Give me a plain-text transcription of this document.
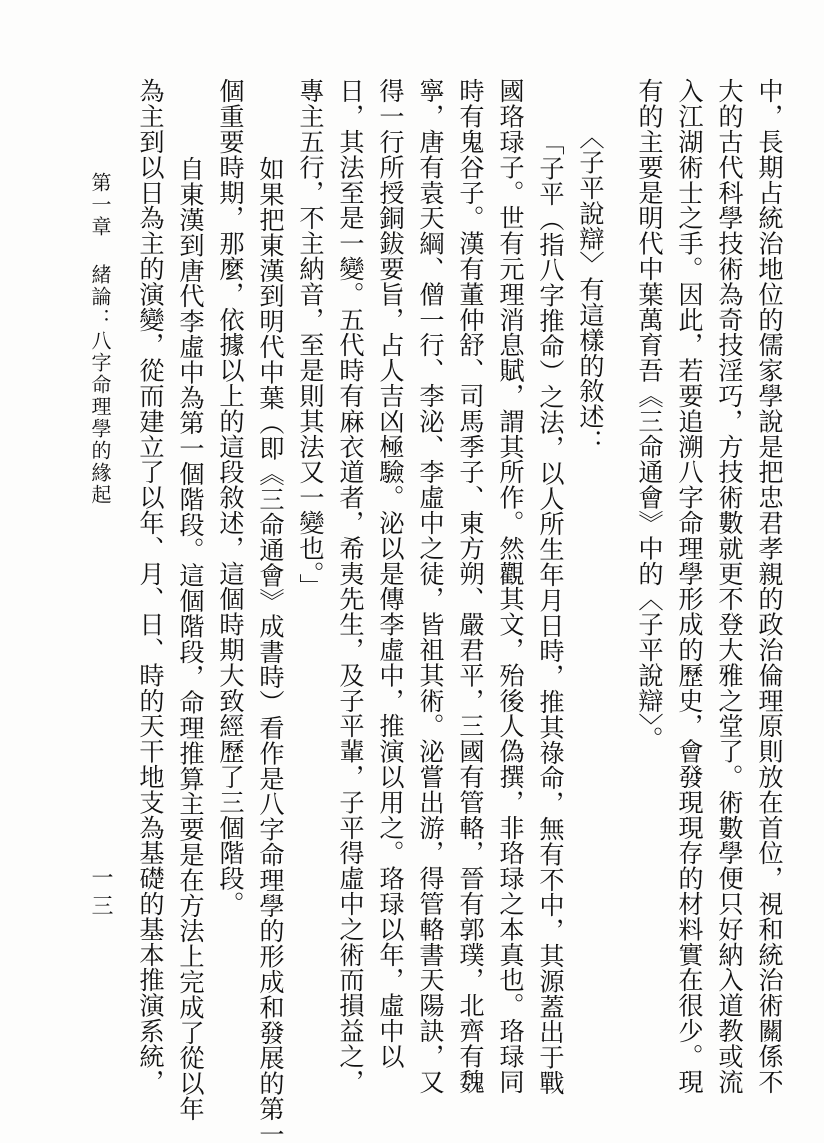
中，長期占統治地位的儒家學說是把忠君孝親的政治倫理原則放在首位，視和統治術關係不
大的古代科學技術為奇技淫巧，方技術數就更不登大雅之堂了。術數學便只好納入道教或流
入江湖術士之手。因此，若要追溯八字命理學形成的歷史，會發現現存的材料實在很少。現
有的主要是明代中葉萬育吾《三命通會》中的〈子平說辯〉。
〈子平說辯〉有這樣的敘述：
「子平（指八字推命）之法，以人所生年月日時，推其祿命，無有不中，其源蓋出于戰
國珞琭子。世有元理消息賦，謂其所作。然觀其文，殆後人偽撰，非珞琭之本真也。珞琭同
時有鬼谷子。漢有董仲舒、司馬季子、東方朔、嚴君平，三國有管輅，晉有郭璞，北齊有魏
寧，唐有袁天綱、僧一行、李泌、李虛中之徒，皆祖其術。泌嘗出游，得管輅書天陽訣，又
得一行所授銅鈸要旨，占人吉凶極驗。泌以是傳李虛中，推演以用之。珞琭以年，虛中以
日，其法至是一變。五代時有麻衣道者，希夷先生，及子平輩，子平得虛中之術而損益之，
專主五行，不主納音，至是則其法又一變也。」
如果把東漢到明代中葉（即《三命通會》成書時）看作是八字命理學的形成和發展的第一
個重要時期，那麼，依據以上的這段敘述，這個時期大致經歷了三個階段。
自東漢到唐代李虛中為第一個階段。這個階段，命理推算主要是在方法上完成了從以年
為主到以日為主的演變，從而建立了以年、月、日、時的天干地支為基礎的基本推演系統，
第一章緒論：八字命理學的緣起
一三
